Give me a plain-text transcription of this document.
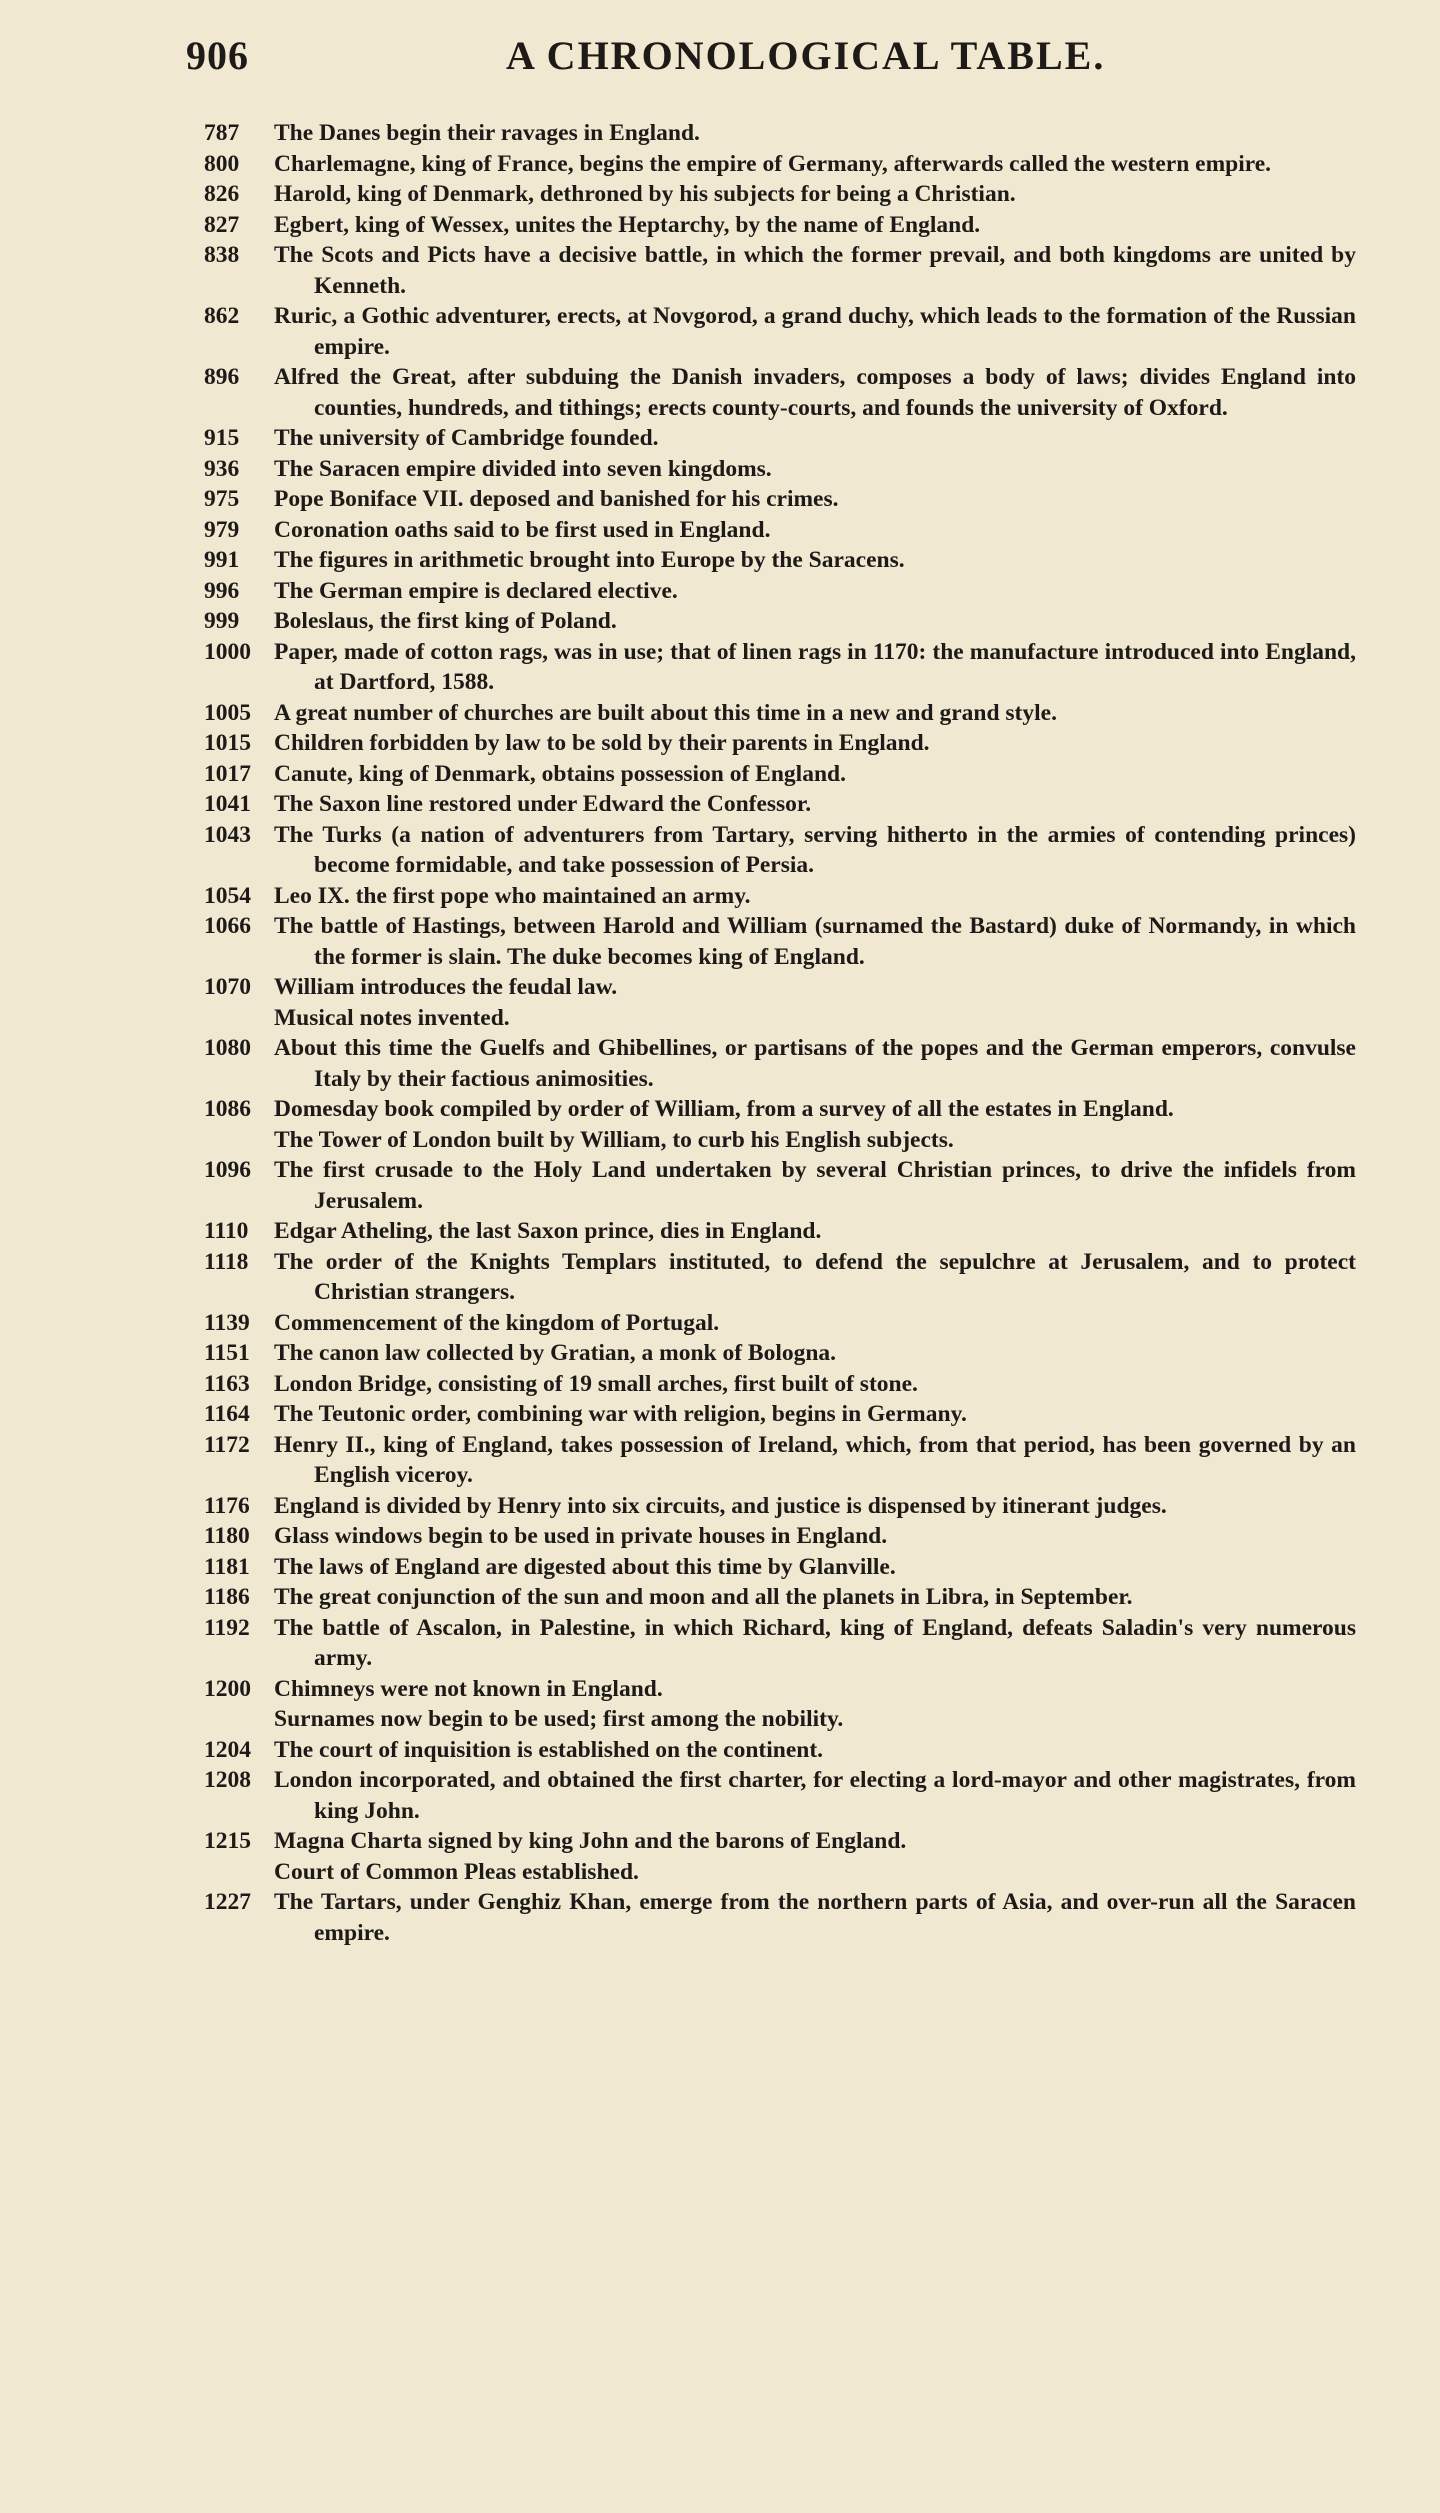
906	A CHRONOLOGICAL TABLE.
787	The Danes begin their ravages in England.
800	Charlemagne, king of France, begins the empire of Germany, afterwards called the western empire.
826	Harold, king of Denmark, dethroned by his subjects for being a Christian.
827	Egbert, king of Wessex, unites the Heptarchy, by the name of England.
838	The Scots and Picts have a decisive battle, in which the former prevail, and both kingdoms are united by Kenneth.
862	Ruric, a Gothic adventurer, erects, at Novgorod, a grand duchy, which leads to the formation of the Russian empire.
896	Alfred the Great, after subduing the Danish invaders, composes a body of laws; divides England into counties, hundreds, and tithings; erects county-courts, and founds the university of Oxford.
915	The university of Cambridge founded.
936	The Saracen empire divided into seven kingdoms.
975	Pope Boniface VII. deposed and banished for his crimes.
979	Coronation oaths said to be first used in England.
991	The figures in arithmetic brought into Europe by the Saracens.
996	The German empire is declared elective.
999	Boleslaus, the first king of Poland.
1000 Paper, made of cotton rags, was in use; that of linen rags in 1170: the manufacture introduced into England, at Dartford, 1588.
1005 A great number of churches are built about this time in a new and grand style.
1015 Children forbidden by law to be sold by their parents in England.
1017 Canute, king of Denmark, obtains possession of England.
1041 The Saxon line restored under Edward the Confessor.
1043 The Turks (a nation of adventurers from Tartary, serving hitherto in the armies of contending princes) become formidable, and take possession of Persia.
1054 Leo IX. the first pope who maintained an army.
1066 The battle of Hastings, between Harold and William (surnamed the Bastard) duke of Normandy, in which the former is slain. The duke becomes king of England.
1070 William introduces the feudal law.
Musical notes invented.
1080 About this time the Guelfs and Ghibellines, or partisans of the popes and the German emperors, convulse Italy by their factious animosities.
1086 Domesday book compiled by order of William, from a survey of all the estates in England.
The Tower of London built by William, to curb his English subjects.
1096 The first crusade to the Holy Land undertaken by several Christian princes, to drive the infidels from Jerusalem.
1110	Edgar Atheling, the last Saxon prince, dies in England.
1118	The order of the Knights Templars instituted, to defend the sepulchre at Jerusalem, and to protect Christian strangers.
1139	Commencement of the kingdom of Portugal.
1151	The canon law collected by Gratian, a monk of Bologna.
1163	London Bridge, consisting of 19 small arches, first built of stone.
1164	The Teutonic order, combining war with religion, begins in Germany.
1172	Henry II., king of England, takes possession of Ireland, which, from that period, has been governed by an English viceroy.
1176	England is divided by Henry into six circuits, and justice is dispensed by itinerant judges.
1180	Glass windows begin to be used in private houses in England.
1181	The laws of England are digested about this time by Glanville.
1186	The great conjunction of the sun and moon and all the planets in Libra, in September.
1192	The battle of Ascalon, in Palestine, in which Richard, king of England, defeats Saladin's very numerous army.
1200 Chimneys were not known in England.
Surnames now begin to be used; first among the nobility.
1204 The court of inquisition is established on the continent.
1208 London incorporated, and obtained the first charter, for electing a lord-mayor and other magistrates, from king John.
1215 Magna Charta signed by king John and the barons of England.
Court of Common Pleas established.
1227 The Tartars, under Genghiz Khan, emerge from the northern parts of Asia, and over-run all the Saracen empire.
